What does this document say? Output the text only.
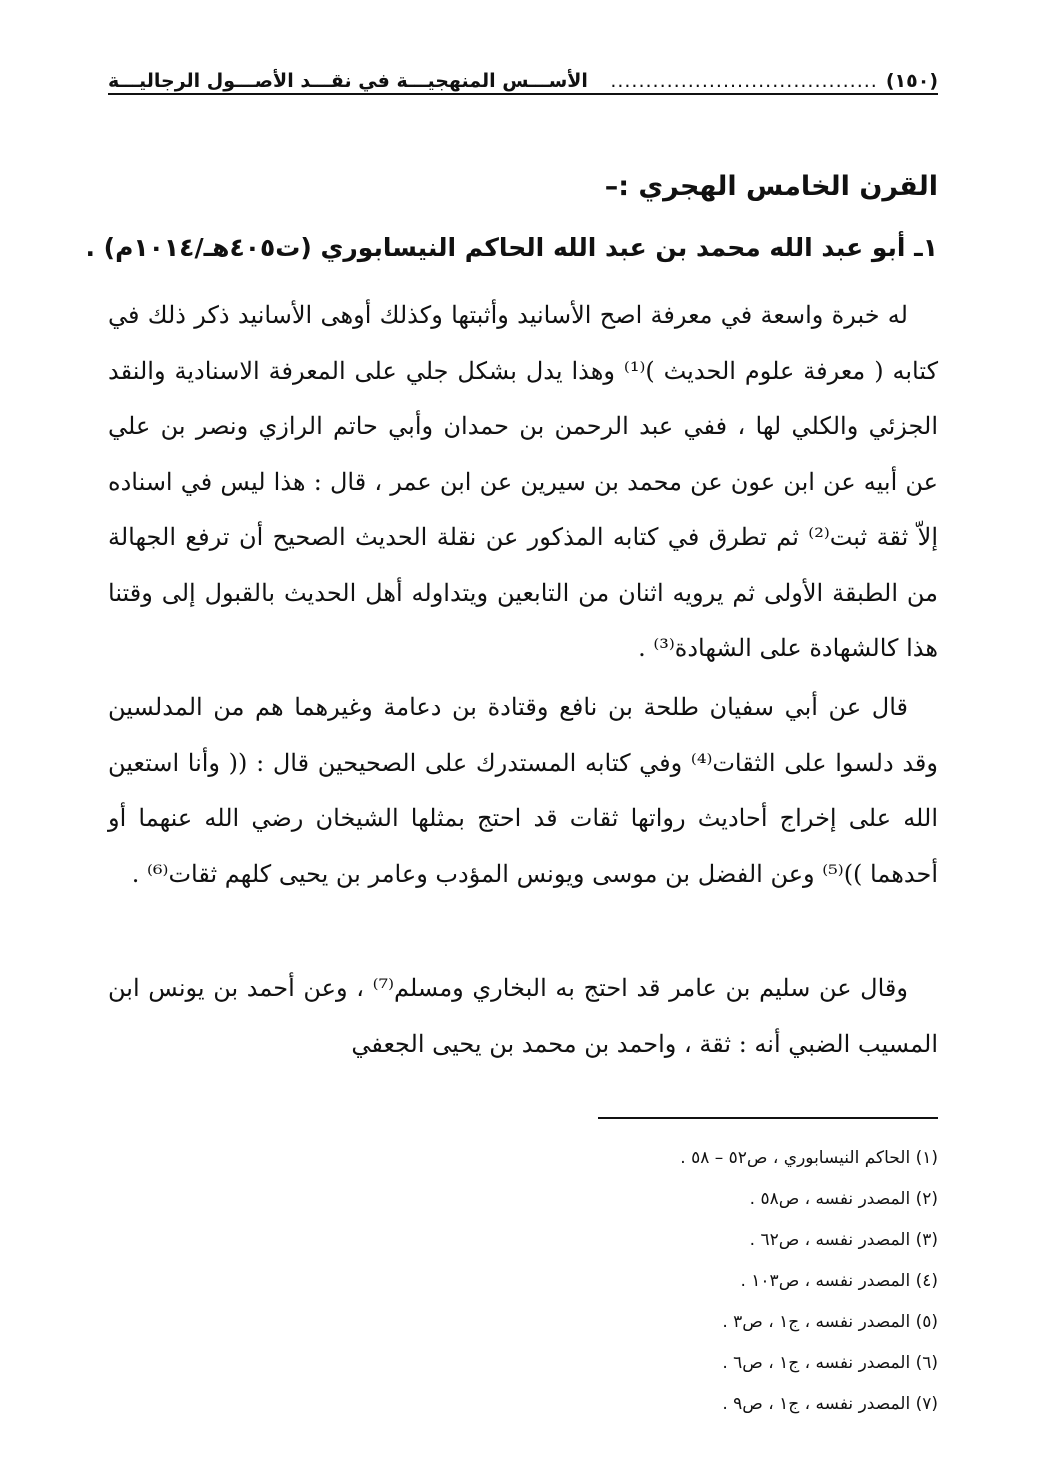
(١٥٠)
......................................
الأســـس المنهجيـــة في نقـــد الأصـــول الرجاليـــة
القرن الخامس الهجري :–
١ـ أبو عبد الله محمد بن عبد الله الحاكم النيسابوري (ت٤٠٥هـ/١٠١٤م) .

له خبرة واسعة في معرفة اصح الأسانيد وأثبتها وكذلك أوهى الأسانيد ذكر ذلك في كتابه ( معرفة علوم الحديث )⁽¹⁾ وهذا يدل بشكل جلي على المعرفة الاسنادية والنقد الجزئي والكلي لها ، ففي عبد الرحمن بن حمدان وأبي حاتم الرازي ونصر بن علي عن أبيه عن ابن عون عن محمد بن سيرين عن ابن عمر ، قال : هذا ليس في اسناده إلاّ ثقة ثبت⁽²⁾ ثم تطرق في كتابه المذكور عن نقلة الحديث الصحيح أن ترفع الجهالة من الطبقة الأولى ثم يرويه اثنان من التابعين ويتداوله أهل الحديث بالقبول إلى وقتنا هذا كالشهادة على الشهادة⁽³⁾ .

قال عن أبي سفيان طلحة بن نافع وقتادة بن دعامة وغيرهما هم من المدلسين وقد دلسوا على الثقات⁽⁴⁾ وفي كتابه المستدرك على الصحيحين قال : (( وأنا استعين الله على إخراج أحاديث رواتها ثقات قد احتج بمثلها الشيخان رضي الله عنهما أو أحدهما ))⁽⁵⁾ وعن الفضل بن موسى ويونس المؤدب وعامر بن يحيى كلهم ثقات⁽⁶⁾ .

وقال عن سليم بن عامر قد احتج به البخاري ومسلم⁽⁷⁾ ، وعن أحمد بن يونس ابن المسيب الضبي أنه : ثقة ، واحمد بن محمد بن يحيى الجعفي

(١) الحاكم النيسابوري ، ص٥٢ – ٥٨ .
(٢) المصدر نفسه ، ص٥٨ .
(٣) المصدر نفسه ، ص٦٢ .
(٤) المصدر نفسه ، ص١٠٣ .
(٥) المصدر نفسه ، ج١ ، ص٣ .
(٦) المصدر نفسه ، ج١ ، ص٦ .
(٧) المصدر نفسه ، ج١ ، ص٩ .
